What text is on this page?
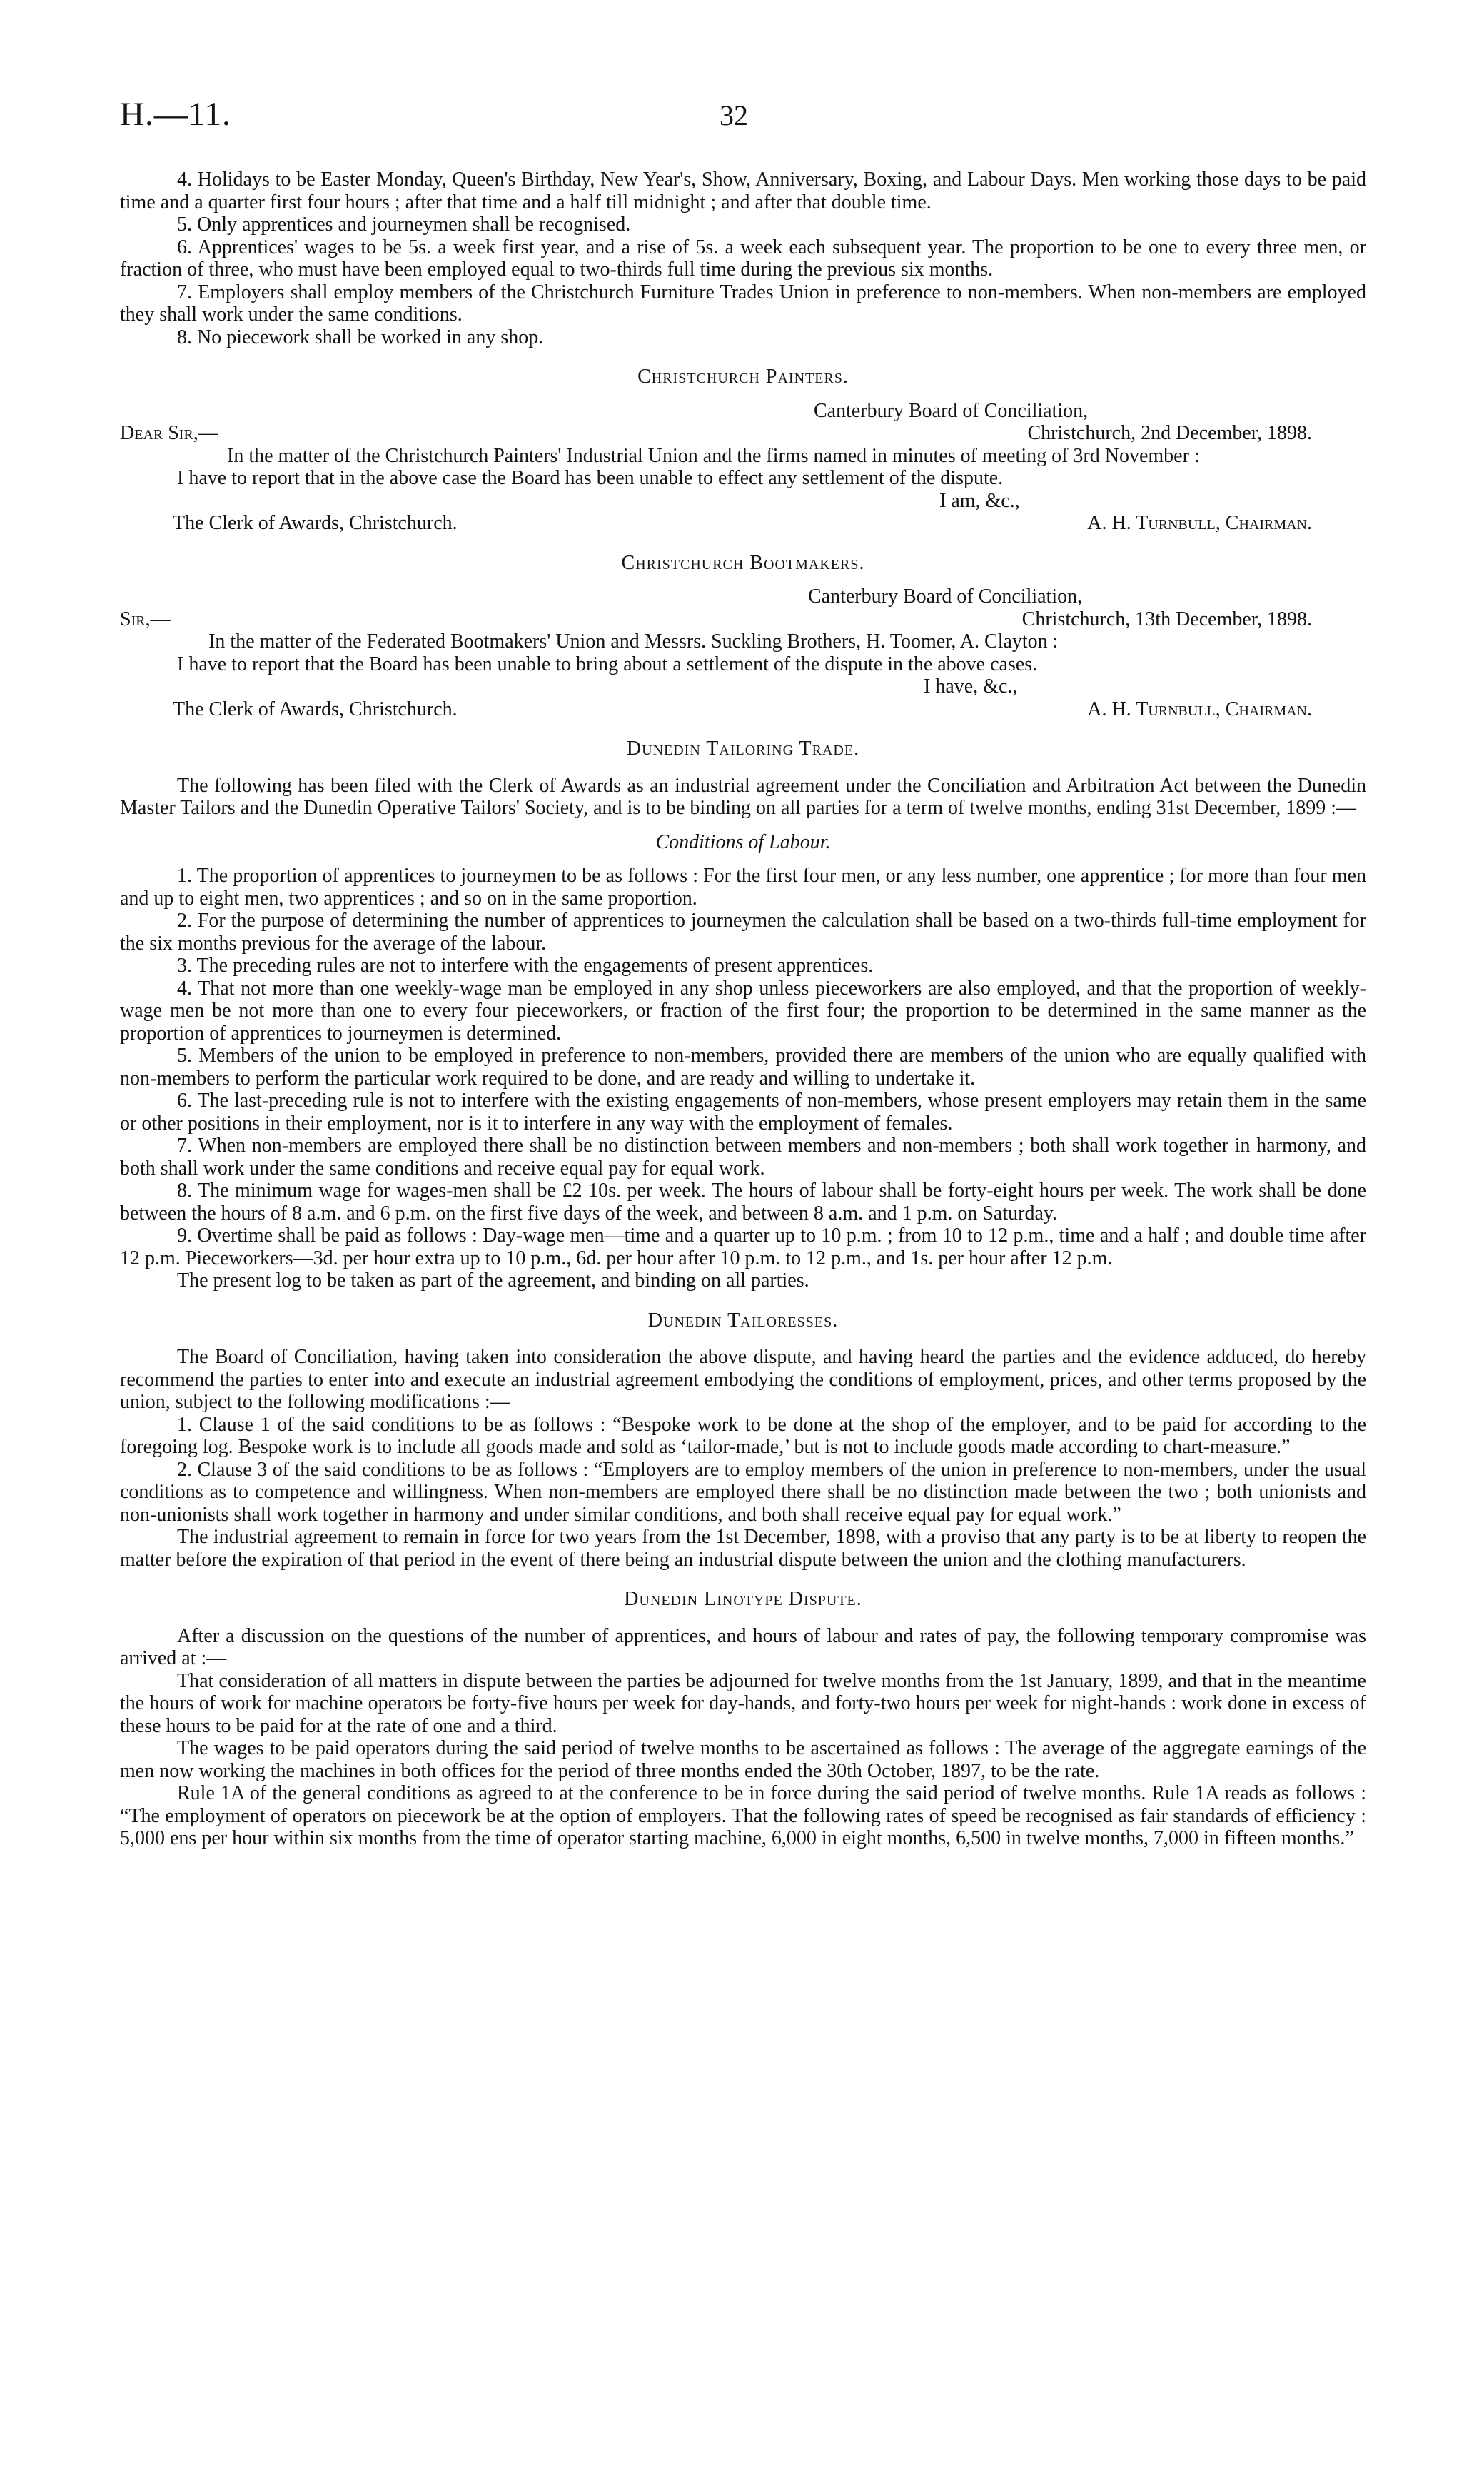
H.—11.	32

4. Holidays to be Easter Monday, Queen's Birthday, New Year's, Show, Anniversary, Boxing, and Labour Days. Men working those days to be paid time and a quarter first four hours ; after that time and a half till midnight ; and after that double time.

5. Only apprentices and journeymen shall be recognised.

6. Apprentices' wages to be 5s. a week first year, and a rise of 5s. a week each subsequent year. The proportion to be one to every three men, or fraction of three, who must have been employed equal to two-thirds full time during the previous six months.

7. Employers shall employ members of the Christchurch Furniture Trades Union in preference to non-members. When non-members are employed they shall work under the same conditions.

8. No piecework shall be worked in any shop.

Christchurch Painters.
Canterbury Board of Conciliation,
Dear Sir,—	Christchurch, 2nd December, 1898.

In the matter of the Christchurch Painters' Industrial Union and the firms named in minutes of meeting of 3rd November :

I have to report that in the above case the Board has been unable to effect any settlement of the dispute.

I am, &c.,
The Clerk of Awards, Christchurch.	A. H. Turnbull, Chairman.
Christchurch Bootmakers.
Canterbury Board of Conciliation,
Sir,—	Christchurch, 13th December, 1898.

In the matter of the Federated Bootmakers' Union and Messrs. Suckling Brothers, H. Toomer, A. Clayton :

I have to report that the Board has been unable to bring about a settlement of the dispute in the above cases.

I have, &c.,
The Clerk of Awards, Christchurch.	A. H. Turnbull, Chairman.
Dunedin Tailoring Trade.

The following has been filed with the Clerk of Awards as an industrial agreement under the Conciliation and Arbitration Act between the Dunedin Master Tailors and the Dunedin Operative Tailors' Society, and is to be binding on all parties for a term of twelve months, ending 31st December, 1899 :—

Conditions of Labour.

1. The proportion of apprentices to journeymen to be as follows : For the first four men, or any less number, one apprentice ; for more than four men and up to eight men, two apprentices ; and so on in the same proportion.

2. For the purpose of determining the number of apprentices to journeymen the calculation shall be based on a two-thirds full-time employment for the six months previous for the average of the labour.

3. The preceding rules are not to interfere with the engagements of present apprentices.

4. That not more than one weekly-wage man be employed in any shop unless pieceworkers are also employed, and that the proportion of weekly-wage men be not more than one to every four pieceworkers, or fraction of the first four; the proportion to be determined in the same manner as the proportion of apprentices to journeymen is determined.

5. Members of the union to be employed in preference to non-members, provided there are members of the union who are equally qualified with non-members to perform the particular work required to be done, and are ready and willing to undertake it.

6. The last-preceding rule is not to interfere with the existing engagements of non-members, whose present employers may retain them in the same or other positions in their employment, nor is it to interfere in any way with the employment of females.

7. When non-members are employed there shall be no distinction between members and non-members ; both shall work together in harmony, and both shall work under the same conditions and receive equal pay for equal work.

8. The minimum wage for wages-men shall be £2 10s. per week. The hours of labour shall be forty-eight hours per week. The work shall be done between the hours of 8 a.m. and 6 p.m. on the first five days of the week, and between 8 a.m. and 1 p.m. on Saturday.

9. Overtime shall be paid as follows : Day-wage men—time and a quarter up to 10 p.m. ; from 10 to 12 p.m., time and a half ; and double time after 12 p.m. Pieceworkers—3d. per hour extra up to 10 p.m., 6d. per hour after 10 p.m. to 12 p.m., and 1s. per hour after 12 p.m.

The present log to be taken as part of the agreement, and binding on all parties.

Dunedin Tailoresses.

The Board of Conciliation, having taken into consideration the above dispute, and having heard the parties and the evidence adduced, do hereby recommend the parties to enter into and execute an industrial agreement embodying the conditions of employment, prices, and other terms proposed by the union, subject to the following modifications :—

1. Clause 1 of the said conditions to be as follows : “Bespoke work to be done at the shop of the employer, and to be paid for according to the foregoing log. Bespoke work is to include all goods made and sold as ‘tailor-made,’ but is not to include goods made according to chart-measure.”

2. Clause 3 of the said conditions to be as follows : “Employers are to employ members of the union in preference to non-members, under the usual conditions as to competence and willingness. When non-members are employed there shall be no distinction made between the two ; both unionists and non-unionists shall work together in harmony and under similar conditions, and both shall receive equal pay for equal work.”

The industrial agreement to remain in force for two years from the 1st December, 1898, with a proviso that any party is to be at liberty to reopen the matter before the expiration of that period in the event of there being an industrial dispute between the union and the clothing manufacturers.

Dunedin Linotype Dispute.

After a discussion on the questions of the number of apprentices, and hours of labour and rates of pay, the following temporary compromise was arrived at :—

That consideration of all matters in dispute between the parties be adjourned for twelve months from the 1st January, 1899, and that in the meantime the hours of work for machine operators be forty-five hours per week for day-hands, and forty-two hours per week for night-hands : work done in excess of these hours to be paid for at the rate of one and a third.

The wages to be paid operators during the said period of twelve months to be ascertained as follows : The average of the aggregate earnings of the men now working the machines in both offices for the period of three months ended the 30th October, 1897, to be the rate.

Rule 1A of the general conditions as agreed to at the conference to be in force during the said period of twelve months. Rule 1A reads as follows : “The employment of operators on piecework be at the option of employers. That the following rates of speed be recognised as fair standards of efficiency : 5,000 ens per hour within six months from the time of operator starting machine, 6,000 in eight months, 6,500 in twelve months, 7,000 in fifteen months.”
